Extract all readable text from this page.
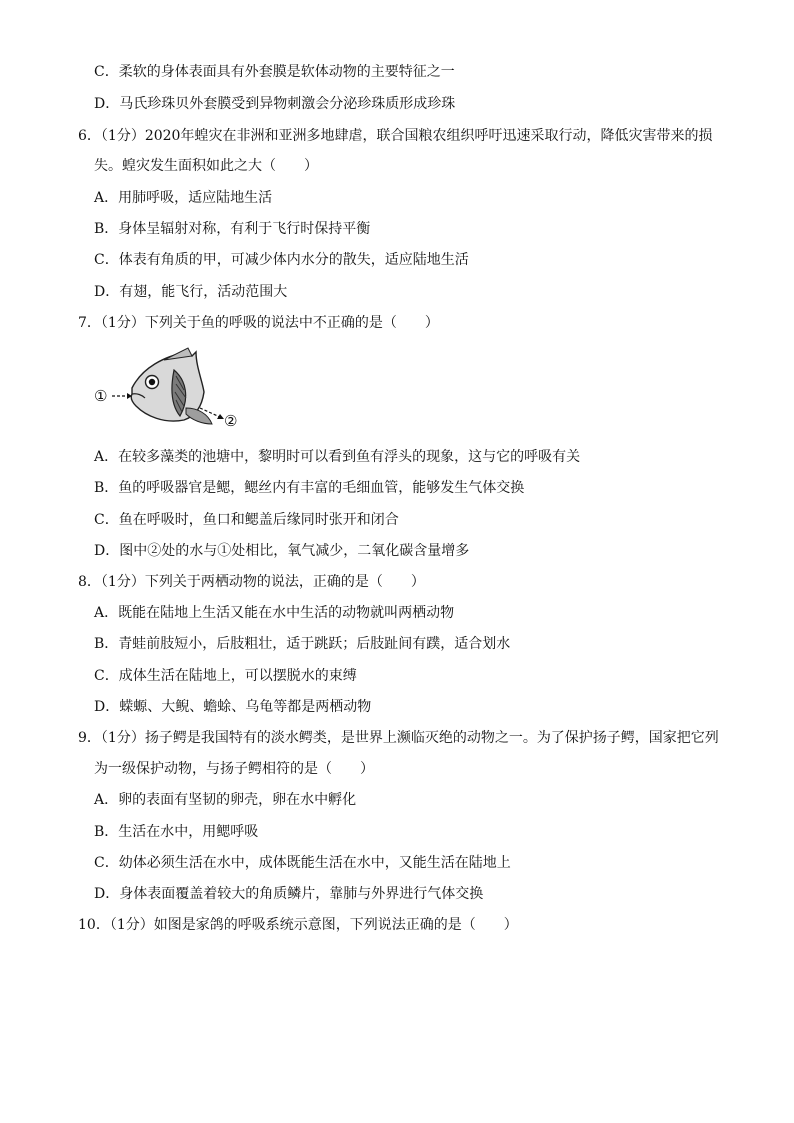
C．柔软的身体表面具有外套膜是软体动物的主要特征之一
D．马氏珍珠贝外套膜受到异物刺激会分泌珍珠质形成珍珠
6．（1分）2020年蝗灾在非洲和亚洲多地肆虐，联合国粮农组织呼吁迅速采取行动，降低灾害带来的损
失。蝗灾发生面积如此之大（　　）
A．用肺呼吸，适应陆地生活
B．身体呈辐射对称，有利于飞行时保持平衡
C．体表有角质的甲，可减少体内水分的散失，适应陆地生活
D．有翅，能飞行，活动范围大
7．（1分）下列关于鱼的呼吸的说法中不正确的是（　　）
①
②
A．在较多藻类的池塘中，黎明时可以看到鱼有浮头的现象，这与它的呼吸有关
B．鱼的呼吸器官是鳃，鳃丝内有丰富的毛细血管，能够发生气体交换
C．鱼在呼吸时，鱼口和鳃盖后缘同时张开和闭合
D．图中②处的水与①处相比，氧气减少，二氧化碳含量增多
8．（1分）下列关于两栖动物的说法，正确的是（　　）
A．既能在陆地上生活又能在水中生活的动物就叫两栖动物
B．青蛙前肢短小，后肢粗壮，适于跳跃；后肢趾间有蹼，适合划水
C．成体生活在陆地上，可以摆脱水的束缚
D．蝾螈、大鲵、蟾蜍、乌龟等都是两栖动物
9．（1分）扬子鳄是我国特有的淡水鳄类，是世界上濒临灭绝的动物之一。为了保护扬子鳄，国家把它列
为一级保护动物，与扬子鳄相符的是（　　）
A．卵的表面有坚韧的卵壳，卵在水中孵化
B．生活在水中，用鳃呼吸
C．幼体必须生活在水中，成体既能生活在水中，又能生活在陆地上
D．身体表面覆盖着较大的角质鳞片，靠肺与外界进行气体交换
10．（1分）如图是家鸽的呼吸系统示意图，下列说法正确的是（　　）
